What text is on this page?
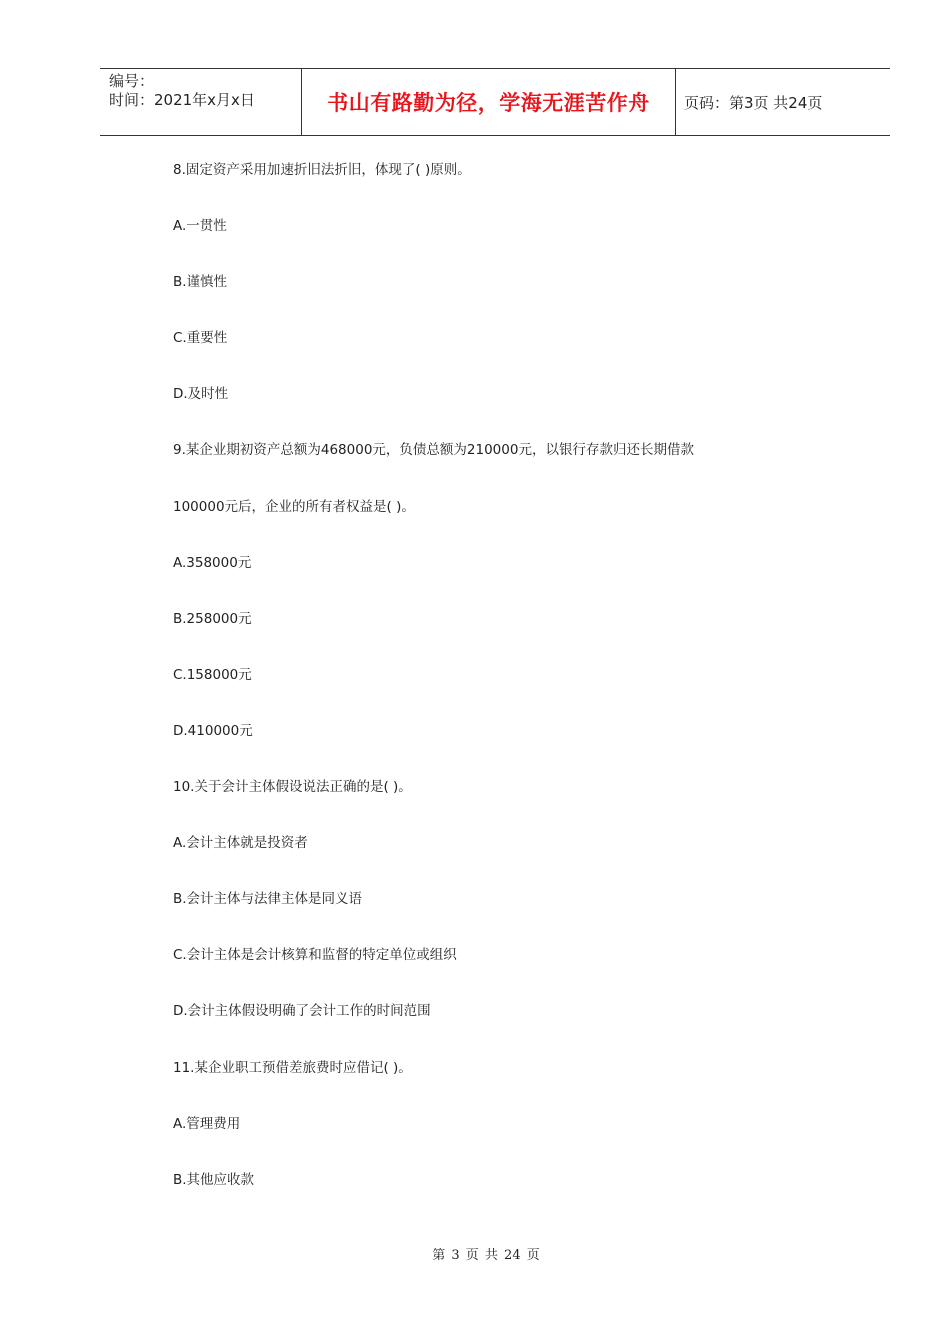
编号：
时间：2021年x月x日	书山有路勤为径，学海无涯苦作舟 页码：第3页 共24页
8.固定资产采用加速折旧法折旧，体现了( )原则。
A.一贯性
B.谨慎性
C.重要性
D.及时性
9.某企业期初资产总额为468000元，负债总额为210000元，以银行存款归还长期借款
100000元后，企业的所有者权益是( )。
A.358000元
B.258000元
C.158000元
D.410000元
10.关于会计主体假设说法正确的是( )。
A.会计主体就是投资者
B.会计主体与法律主体是同义语
C.会计主体是会计核算和监督的特定单位或组织
D.会计主体假设明确了会计工作的时间范围
11.某企业职工预借差旅费时应借记( )。
A.管理费用
B.其他应收款
第 3 页 共 24 页
